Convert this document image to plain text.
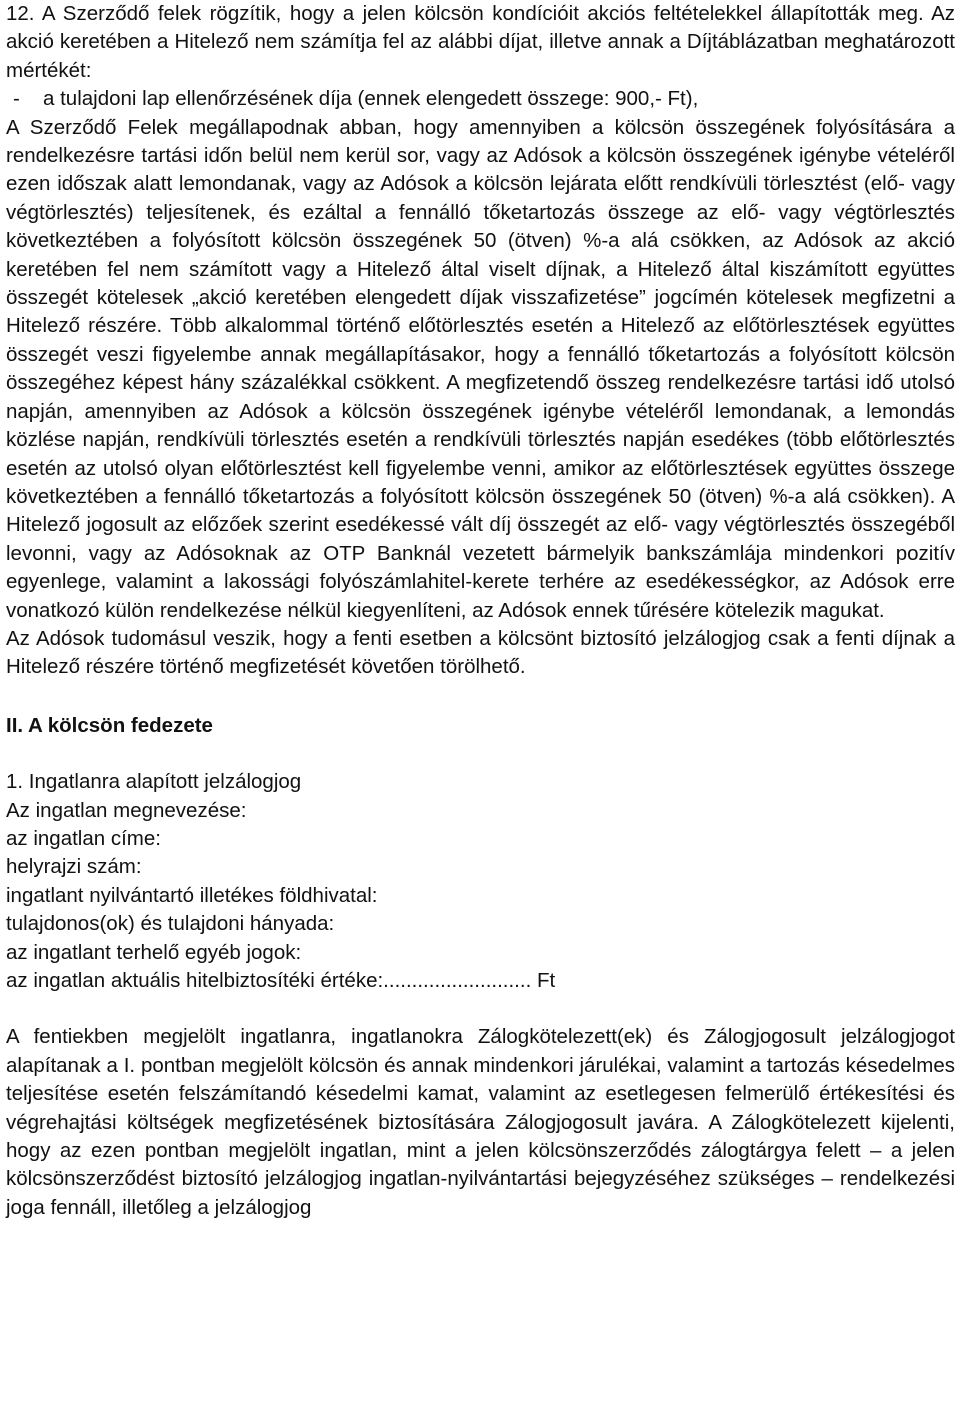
12. A Szerződő felek rögzítik, hogy a jelen kölcsön kondícióit akciós feltételekkel állapították meg. Az akció keretében a Hitelező nem számítja fel az alábbi díjat, illetve annak a Díjtáblázatban meghatározott mértékét:

- a tulajdoni lap ellenőrzésének díja (ennek elengedett összege: 900,- Ft),

A Szerződő Felek megállapodnak abban, hogy amennyiben a kölcsön összegének folyósítására a rendelkezésre tartási időn belül nem kerül sor, vagy az Adósok a kölcsön összegének igénybe vételéről ezen időszak alatt lemondanak, vagy az Adósok a kölcsön lejárata előtt rendkívüli törlesztést (elő- vagy végtörlesztés) teljesítenek, és ezáltal a fennálló tőketartozás összege az elő- vagy végtörlesztés következtében a folyósított kölcsön összegének 50 (ötven) %-a alá csökken, az Adósok az akció keretében fel nem számított vagy a Hitelező által viselt díjnak, a Hitelező által kiszámított együttes összegét kötelesek „akció keretében elengedett díjak visszafizetése” jogcímén kötelesek megfizetni a Hitelező részére. Több alkalommal történő előtörlesztés esetén a Hitelező az előtörlesztések együttes összegét veszi figyelembe annak megállapításakor, hogy a fennálló tőketartozás a folyósított kölcsön összegéhez képest hány százalékkal csökkent. A megfizetendő összeg rendelkezésre tartási idő utolsó napján, amennyiben az Adósok a kölcsön összegének igénybe vételéről lemondanak, a lemondás közlése napján, rendkívüli törlesztés esetén a rendkívüli törlesztés napján esedékes (több előtörlesztés esetén az utolsó olyan előtörlesztést kell figyelembe venni, amikor az előtörlesztések együttes összege következtében a fennálló tőketartozás a folyósított kölcsön összegének 50 (ötven) %-a alá csökken). A Hitelező jogosult az előzőek szerint esedékessé vált díj összegét az elő- vagy végtörlesztés összegéből levonni, vagy az Adósoknak az OTP Banknál vezetett bármelyik bankszámlája mindenkori pozitív egyenlege, valamint a lakossági folyószámlahitel-kerete terhére az esedékességkor, az Adósok erre vonatkozó külön rendelkezése nélkül kiegyenlíteni, az Adósok ennek tűrésére kötelezik magukat.

Az Adósok tudomásul veszik, hogy a fenti esetben a kölcsönt biztosító jelzálogjog csak a fenti díjnak a Hitelező részére történő megfizetését követően törölhető.

II. A kölcsön fedezete

1. Ingatlanra alapított jelzálogjog

Az ingatlan megnevezése:

az ingatlan címe:

helyrajzi szám:

ingatlant nyilvántartó illetékes földhivatal:

tulajdonos(ok) és tulajdoni hányada:

az ingatlant terhelő egyéb jogok:

az ingatlan aktuális hitelbiztosítéki értéke:.......................... Ft

A fentiekben megjelölt ingatlanra, ingatlanokra Zálogkötelezett(ek) és Zálogjogosult jelzálogjogot alapítanak a I. pontban megjelölt kölcsön és annak mindenkori járulékai, valamint a tartozás késedelmes teljesítése esetén felszámítandó késedelmi kamat, valamint az esetlegesen felmerülő értékesítési és végrehajtási költségek megfizetésének biztosítására Zálogjogosult javára. A Zálogkötelezett kijelenti, hogy az ezen pontban megjelölt ingatlan, mint a jelen kölcsönszerződés zálogtárgya felett – a jelen kölcsönszerződést biztosító jelzálogjog ingatlan-nyilvántartási bejegyzéséhez szükséges – rendelkezési joga fennáll, illetőleg a jelzálogjog
